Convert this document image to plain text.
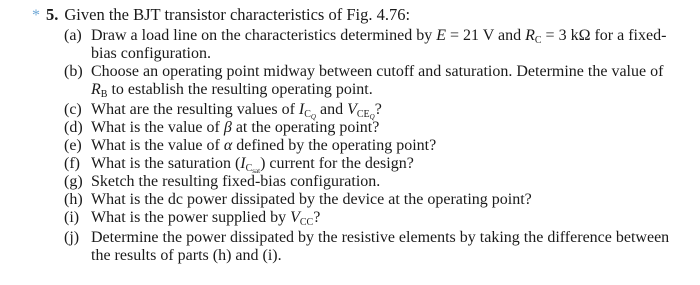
* 5. Given the BJT transistor characteristics of Fig. 4.76:
(a) Draw a load line on the characteristics determined by E = 21 V and $R_C = 3$ kΩ for a fixed-
bias configuration.
(b) Choose an operating point midway between cutoff and saturation. Determine the value of
$R_B$ to establish the resulting operating point.
(c) What are the resulting values of $I_{C_Q}$ and $V_{CE_Q}$?
(d) What is the value of β at the operating point?
(e) What is the value of α defined by the operating point?
(f) What is the saturation $(I_{C_{sat}})$ current for the design?
(g) Sketch the resulting fixed-bias configuration.
(h) What is the dc power dissipated by the device at the operating point?
(i) What is the power supplied by $V_{CC}$?
(j) Determine the power dissipated by the resistive elements by taking the difference between
the results of parts (h) and (i).
